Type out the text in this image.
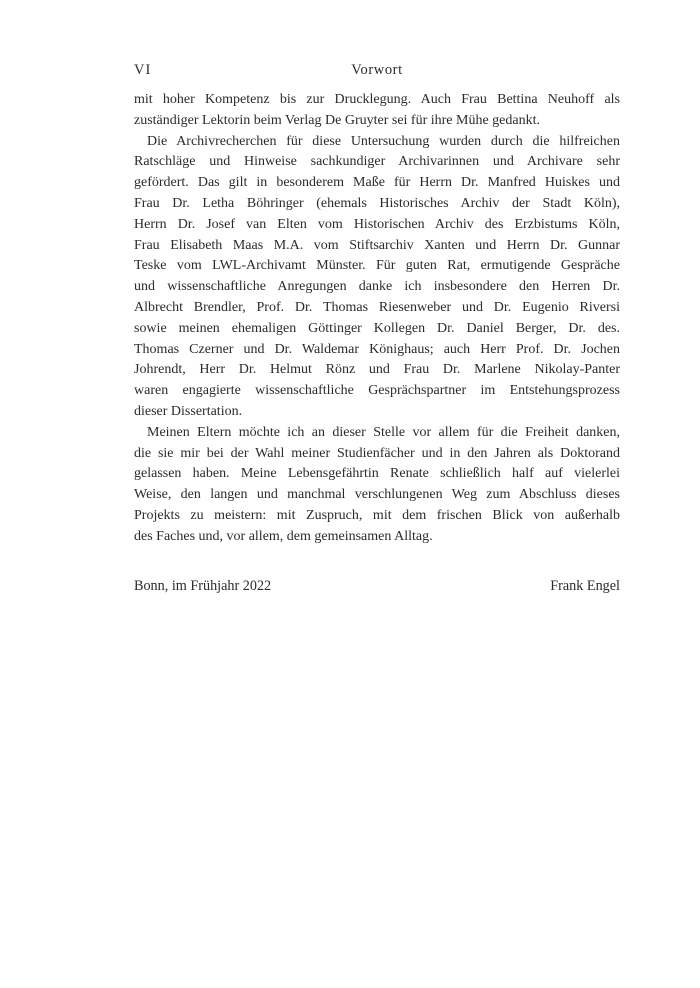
VI	Vorwort
mit hoher Kompetenz bis zur Drucklegung. Auch Frau Bettina Neuhoff als
zuständiger Lektorin beim Verlag De Gruyter sei für ihre Mühe gedankt.
Die Archivrecherchen für diese Untersuchung wurden durch die hilfreichen
Ratschläge und Hinweise sachkundiger Archivarinnen und Archivare sehr
gefördert. Das gilt in besonderem Maße für Herrn Dr. Manfred Huiskes und
Frau Dr. Letha Böhringer (ehemals Historisches Archiv der Stadt Köln),
Herrn Dr. Josef van Elten vom Historischen Archiv des Erzbistums Köln,
Frau Elisabeth Maas M.A. vom Stiftsarchiv Xanten und Herrn Dr. Gunnar
Teske vom LWL-Archivamt Münster. Für guten Rat, ermutigende Gespräche
und wissenschaftliche Anregungen danke ich insbesondere den Herren Dr.
Albrecht Brendler, Prof. Dr. Thomas Riesenweber und Dr. Eugenio Riversi
sowie meinen ehemaligen Göttinger Kollegen Dr. Daniel Berger, Dr. des.
Thomas Czerner und Dr. Waldemar Könighaus; auch Herr Prof. Dr. Jochen
Johrendt, Herr Dr. Helmut Rönz und Frau Dr. Marlene Nikolay-Panter
waren engagierte wissenschaftliche Gesprächspartner im Entstehungsprozess
dieser Dissertation.
Meinen Eltern möchte ich an dieser Stelle vor allem für die Freiheit danken,
die sie mir bei der Wahl meiner Studienfächer und in den Jahren als Doktorand
gelassen haben. Meine Lebensgefährtin Renate schließlich half auf vielerlei
Weise, den langen und manchmal verschlungenen Weg zum Abschluss dieses
Projekts zu meistern: mit Zuspruch, mit dem frischen Blick von außerhalb
des Faches und, vor allem, dem gemeinsamen Alltag.
Bonn, im Frühjahr 2022	Frank Engel
